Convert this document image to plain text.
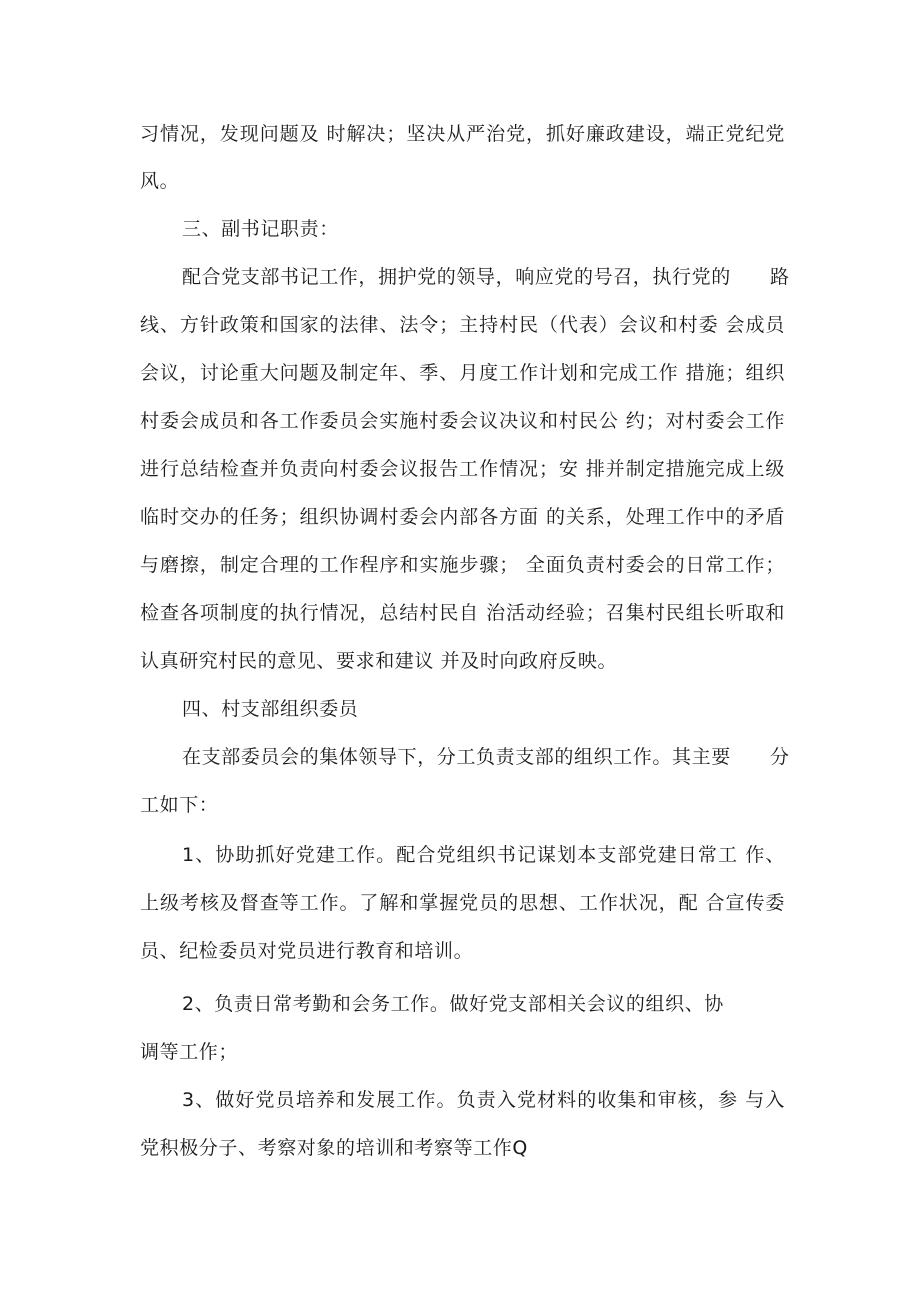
习情况，发现问题及 时解决；坚决从严治党，抓好廉政建设，端正党纪党
风。
三、副书记职责：
配合党支部书记工作，拥护党的领导，响应党的号召，执行党的　　路
线、方针政策和国家的法律、法令；主持村民（代表）会议和村委 会成员
会议，讨论重大问题及制定年、季、月度工作计划和完成工作 措施；组织
村委会成员和各工作委员会实施村委会议决议和村民公 约；对村委会工作
进行总结检查并负责向村委会议报告工作情况；安 排并制定措施完成上级
临时交办的任务；组织协调村委会内部各方面 的关系，处理工作中的矛盾
与磨擦，制定合理的工作程序和实施步骤； 全面负责村委会的日常工作；
检查各项制度的执行情况，总结村民自 治活动经验；召集村民组长听取和
认真研究村民的意见、要求和建议 并及时向政府反映。
四、村支部组织委员
在支部委员会的集体领导下，分工负责支部的组织工作。其主要　　分
工如下：
1、协助抓好党建工作。配合党组织书记谋划本支部党建日常工 作、
上级考核及督查等工作。了解和掌握党员的思想、工作状况，配 合宣传委
员、纪检委员对党员进行教育和培训。
2、负责日常考勤和会务工作。做好党支部相关会议的组织、协
调等工作；
3、做好党员培养和发展工作。负责入党材料的收集和审核，参 与入
党积极分子、考察对象的培训和考察等工作Q
